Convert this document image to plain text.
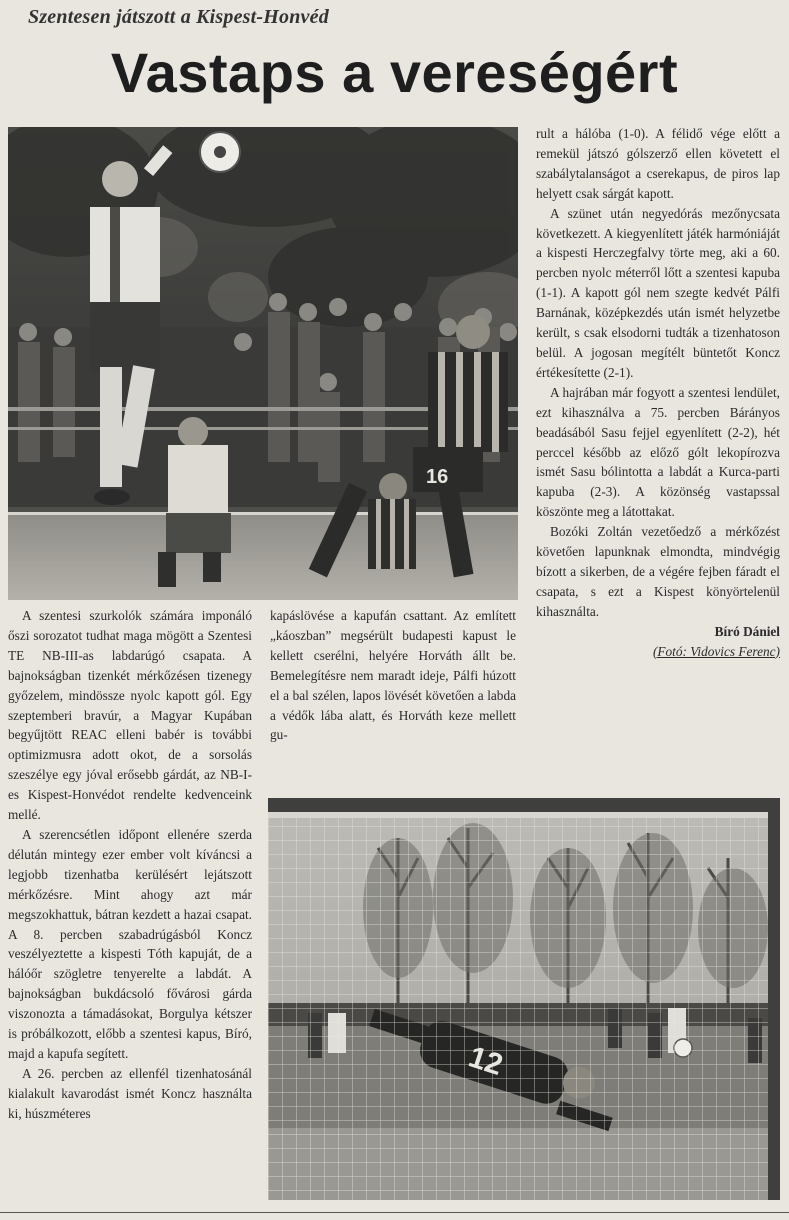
Szentesen játszott a Kispest-Honvéd
Vastaps a vereségért
16

A szentesi szurkolók számára imponáló őszi sorozatot tudhat maga mögött a Szentesi TE NB-III-as labdarúgó csapata. A bajnokságban tizenkét mérkőzésen tizenegy győzelem, mindössze nyolc kapott gól. Egy szeptemberi bravúr, a Magyar Kupában begyűjtött REAC elleni babér is további optimizmusra adott okot, de a sorsolás szeszélye egy jóval erősebb gárdát, az NB-I-es Kispest-Honvédot rendelte kedvenceink mellé.

A szerencsétlen időpont ellenére szerda délután mintegy ezer ember volt kíváncsi a legjobb tizenhatba kerülésért lejátszott mérkőzésre. Mint ahogy azt már megszokhattuk, bátran kezdett a hazai csapat. A 8. percben szabadrúgásból Koncz veszélyeztette a kispesti Tóth kapuját, de a hálóőr szögletre tenyerelte a labdát. A bajnokságban bukdácsoló fővárosi gárda viszonozta a támadásokat, Borgulya kétszer is próbálkozott, előbb a szentesi kapus, Bíró, majd a kapufa segített.

A 26. percben az ellenfél tizenhatosánál kialakult kavarodást ismét Koncz használta ki, húszméteres

kapáslövése a kapufán csattant. Az említett „káoszban” megsérült budapesti kapust le kellett cserélni, helyére Horváth állt be. Bemelegítésre nem maradt ideje, Pálfi húzott el a bal szélen, lapos lövését követően a labda a védők lába alatt, és Horváth keze mellett gu-

rult a hálóba (1-0). A félidő vége előtt a remekül játszó gólszerző ellen követett el szabálytalanságot a cserekapus, de piros lap helyett csak sárgát kapott.

A szünet után negyedórás mezőnycsata következett. A kiegyenlített játék harmóniáját a kispesti Herczegfalvy törte meg, aki a 60. percben nyolc méterről lőtt a szentesi kapuba (1-1). A kapott gól nem szegte kedvét Pálfi Barnának, középkezdés után ismét helyzetbe került, s csak elsodorni tudták a tizenhatoson belül. A jogosan megítélt büntetőt Koncz értékesítette (2-1).

A hajrában már fogyott a szentesi lendület, ezt kihasználva a 75. percben Bárányos beadásából Sasu fejjel egyenlített (2-2), hét perccel később az előző gólt lekopírozva ismét Sasu bólintotta a labdát a Kurca-parti kapuba (2-3). A közönség vastapssal köszönte meg a látottakat.

Bozóki Zoltán vezetőedző a mérkőzést követően lapunknak elmondta, mindvégig bízott a sikerben, de a végére fejben fáradt el csapata, s ezt a Kispest könyörtelenül kihasználta.

Bíró Dániel

(Fotó: Vidovics Ferenc)
